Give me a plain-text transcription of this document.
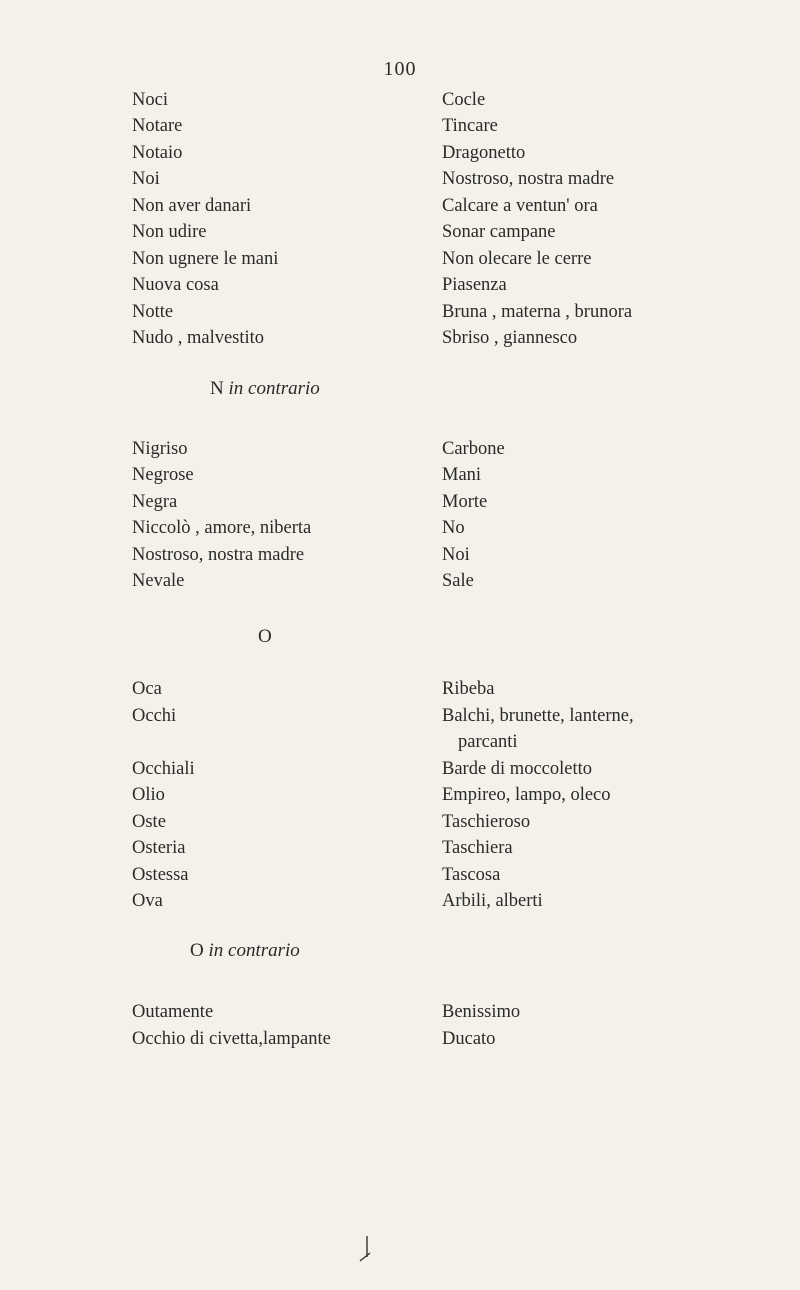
100
Noci	Cocle
Notare	Tincare
Notaio	Dragonetto
Noi	Nostroso, nostra madre
Non aver danari	Calcare a ventun' ora
Non udire	Sonar campane
Non ugnere le mani	Non olecare le cerre
Nuova cosa	Piasenza
Notte	Bruna , materna , brunora
Nudo , malvestito	Sbriso , giannesco
N in contrario
Nigriso	Carbone
Negrose	Mani
Negra	Morte
Niccolò , amore, niberta	No
Nostroso, nostra madre	Noi
Nevale	Sale
O
Oca	Ribeba
Occhi	Balchi, brunette, lanterne,
parcanti
Occhiali	Barde di moccoletto
Olio	Empireo, lampo, oleco
Oste	Taschieroso
Osteria	Taschiera
Ostessa	Tascosa
Ova	Arbili, alberti
O in contrario
Outamente	Benissimo
Occhio di civetta,lampante	Ducato
